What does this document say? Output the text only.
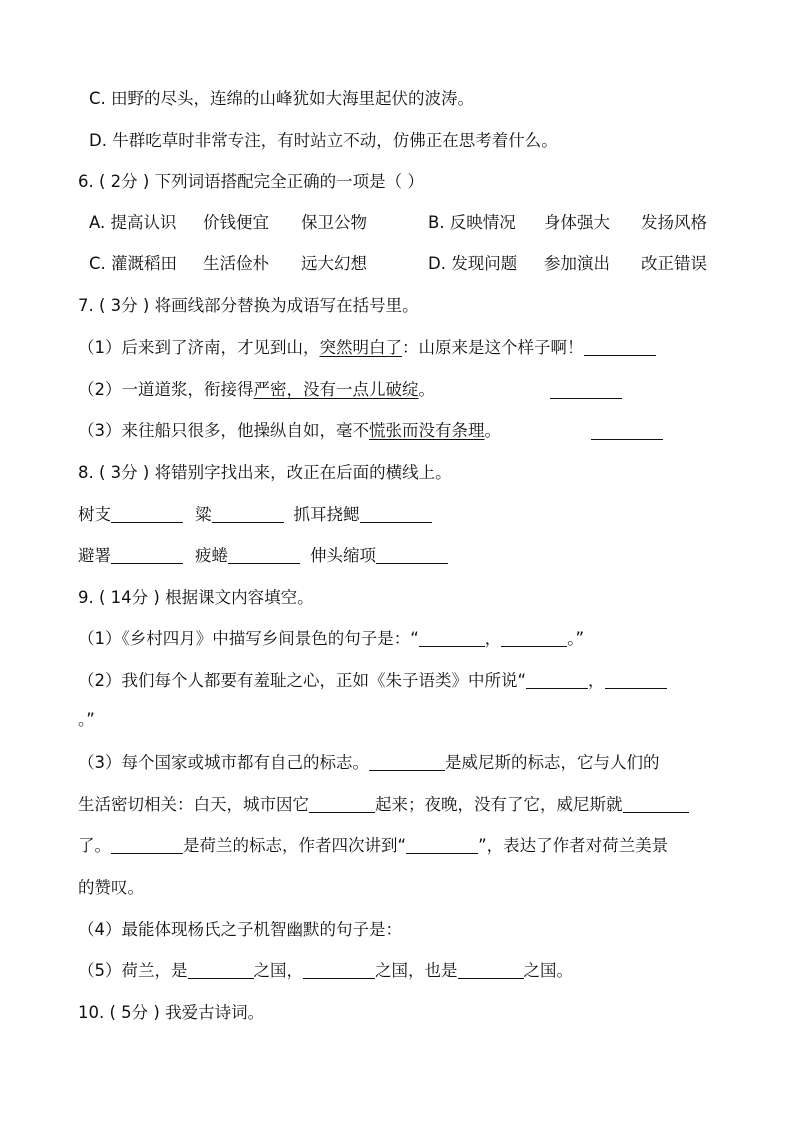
C. 田野的尽头，连绵的山峰犹如大海里起伏的波涛。
D. 牛群吃草时非常专注，有时站立不动，仿佛正在思考着什么。
6. ( 2分 ) 下列词语搭配完全正确的一项是（ ）
A. 提高认识 价钱便宜 保卫公物	B. 反映情况 身体强大 发扬风格
C. 灌溉稻田 生活俭朴 远大幻想	D. 发现问题 参加演出 改正错误
7. ( 3分 ) 将画线部分替换为成语写在括号里。
（1）后来到了济南，才见到山，突然明白了：山原来是这个样子啊！
（2）一道道浆，衔接得严密，没有一点儿破绽。
（3）来往船只很多，他操纵自如，毫不慌张而没有条理。
8. ( 3分 ) 将错别字找出来，改正在后面的横线上。
树支	粱	抓耳挠鳃
避署	疲蜷	伸头缩项
9. ( 14分 ) 根据课文内容填空。
（1）《乡村四月》中描写乡间景色的句子是：“	，	。”
（2）我们每个人都要有羞耻之心，正如《朱子语类》中所说“	，
。”
（3）每个国家或城市都有自己的标志。	是威尼斯的标志，它与人们的
生活密切相关：白天，城市因它	起来；夜晚，没有了它，威尼斯就
了。	是荷兰的标志，作者四次讲到“	”，表达了作者对荷兰美景
的赞叹。
（4）最能体现杨氏之子机智幽默的句子是：
（5）荷兰，是	之国，	之国，也是	之国。
10. ( 5分 ) 我爱古诗词。
